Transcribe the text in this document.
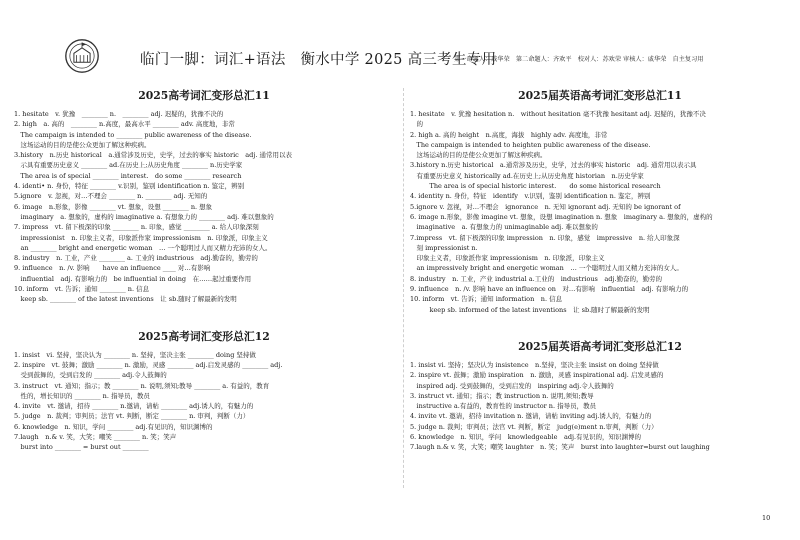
临门一脚：词汇+语法　衡水中学 2025 高三考生专用
第一命题人：戚华荣　第二命题人：齐欢平　校对人：苏欢荣 审核人：戚华荣　自主复习用
2025高考词汇变形总汇11
1. hesitate　v. 犹豫　________ n.　________ adj. 迟疑的，犹豫不决的
2. high　a. 高的　________ n.高度，最高水平 ________ adv. 高度地，非常
　The campaign is intended to ________ public awareness of the disease.
　这场运动的目的是使公众更加了解这种疾病。
3.history　n.历史 historical　a.通常涉及历史，史学，过去的事实 historic　adj. 通常用以表
　示具有重要历史意义 ________ ad.在历史上;从历史角度 ________ n.历史学家
　The area is of special ________ interest.　do some ________ research
4. identi• n. 身份，特征 ________ v.识别，鉴别 identification n. 鉴定，辨别
5.ignore　v. 忽视，对…不理会 ________ n. ________ adj. 无知的
6. image　n.形象，影像 ________ vt. 想象，设想 ________ n. 想象
　imaginary　a. 想象的，虚构的 imaginative a. 有想象力的 ________ adj. 难以想象的
7. impress　vt. 留下极深的印象 ________ n. 印象，感觉 ________ a. 给人印象深刻
　impressionist　n. 印象主义者，印象派作家 impressionism　n. 印象派，印象主义
　an ________ bright and energetic woman　… 一个聪明过人而又精力充沛的女人。
8. industry　n. 工业，产业 ________ a. 工业的 industrious　adj.勤奋的，勤劳的
9. influence　n. /v. 影响　　have an influence ____ 对…有影响
　influential　adj. 有影响力的　be influential in doing　在……起过重要作用
10. inform　vt. 告诉；通知 ________ n. 信息
　keep sb. ________ of the latest inventions　让 sb.随时了解最新的发明
2025高考词汇变形总汇12
1. insist　vi. 坚持，坚决认为 ________ n. 坚持，坚决主张 ________ doing 坚持做
2. inspire　vt. 鼓舞；激励 ________ n. 激励，灵感 ________ adj.启发灵感的 ________ adj.
　受到鼓舞的，受到启发的 ________ adj.令人鼓舞的
3. instruct　vt. 通知；指示；教 ________ n. 说明,须知;教导 ________ a. 有益的，教育
　性的，增长知识的 ________ n. 指导员，教员
4. invite　vt. 邀请，招待 ________ n.邀请，请帖 ________ adj.诱人的，有魅力的
5. judge　n. 裁判；审判员；法官 vt. 判断，断定 ________ n. 审判，判断（力）
6. knowledge　n. 知识，学问 ________ adj.有见识的，知识渊博的
7.laugh　n.& v. 笑，大笑；嘲笑 ________ n. 笑；笑声
　burst into ________ = burst out ________
2025届英语高考词汇变形总汇11
1. hesitate　v. 犹豫 hesitation n.　without hesitation 毫不犹豫 hesitant adj. 迟疑的，犹豫不决
　的
2. high a. 高的 height　n.高度，海拔　highly adv. 高度地，非常
　The campaign is intended to heighten public awareness of the disease.
　这场运动的目的是使公众更加了解这种疾病。
3.history n.历史 historical　a.通常涉及历史，史学，过去的事实 historic　adj. 通常用以表示具
　有重要历史意义 historically ad.在历史上;从历史角度 historian　n.历史学家
　　　The area is of special historic interest.　　do some historical research
4. identity n. 身份，特征　identify　v.识别，鉴别 identification n. 鉴定，辨别
5.ignore v. 忽视，对…不理会　ignorance　n. 无知 ignorant adj. 无知的 be ignorant of
6. image n.形象，影像 imagine vt. 想象，设想 imagination n. 想象　imaginary a. 想象的，虚构的
　imaginative　a. 有想象力的 unimaginable adj. 难以想象的
7.impress　vt. 留下极深的印象 impression　n. 印象，感觉　impressive　n. 给人印象深
　刻 impressionist n.
　印象主义者，印象派作家 impressionism　n. 印象派，印象主义
　an impressively bright and energetic woman　… 一个聪明过人而又精力充沛的女人。
8. industry　n. 工业，产业 industrial a.工业的　industrious　adj.勤奋的，勤劳的
9. influence　n. /v. 影响 have an influence on　对…有影响　influential　adj. 有影响力的
10. inform　vt. 告诉；通知 information　n. 信息
　　　keep sb. informed of the latest inventions　让 sb.随时了解最新的发明
2025届英语高考词汇变形总汇12
1. insist vi. 坚持；坚决认为 insistence　n.坚持，坚决主张 insist on doing 坚持做
2. inspire vt. 鼓舞；激励 inspiration　n. 激励，灵感 inspirational adj. 启发灵感的
　inspired adj. 受到鼓舞的，受到启发的　inspiring adj.令人鼓舞的
3. instruct vt. 通知；指示；教 instruction n. 说明,须知;教导
　instructive a.有益的，教育性的 instructor n. 指导员，教员
4. invite vt. 邀请，招待 invitation n. 邀请，请帖 inviting adj.诱人的，有魅力的
5. judge n. 裁判；审判员；法官 vt. 判断，断定　judg(e)ment n.审判，判断（力）
6. knowledge　n. 知识，学问　knowledgeable　adj.有见识的，知识渊博的
7.laugh n.& v. 笑，大笑；嘲笑 laughter　n. 笑；笑声　burst into laughter=burst out laughing
10
